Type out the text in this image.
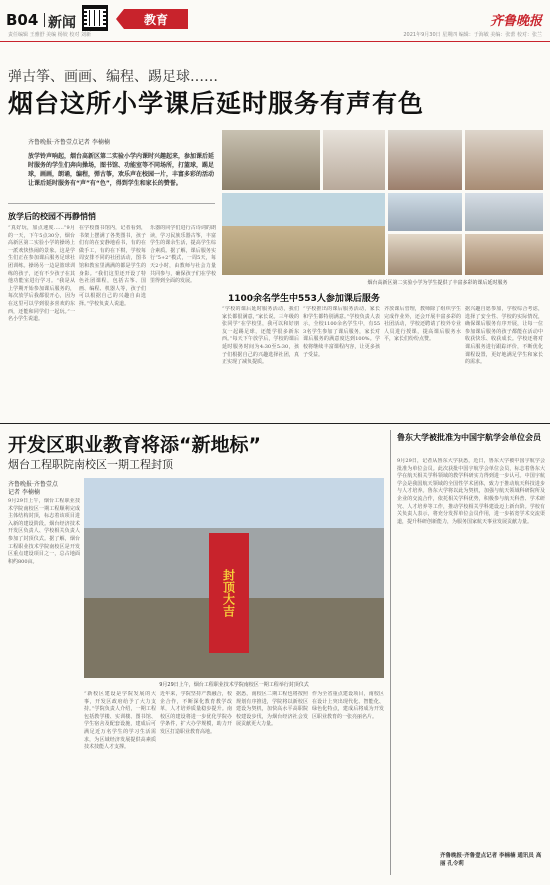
B04 新闻
责任编辑 王雅舒 美编 杨姣 校对 刘新
教育	齐鲁晚报
2021年9月30日 星期四 编辑：于海敏 美编：张蕾 校对：张兰
弹古筝、画画、编程、踢足球……
烟台这所小学课后延时服务有声有色
齐鲁晚报·齐鲁壹点记者 李楠楠
放学铃声响起，烟台高新区第二实验小学内课时兴趣起来，参加课后延时服务的学生们奔向操场，图书馆、功能室等不同场所，打篮球，踢足球，画画，朗诵，编程，弹古筝，欢乐声在校园一片，丰富多彩的活动让课后延时服务有“声”有“色”，得到学生和家长的赞誉。
放学后的校园不再静悄悄
“真好玩，加点速度……”9月的一天，下午5点30分，烟台高新区第二实验小学的操场上一派欢快热闹的景象。这是学生们正在参加课后服务足球社团训练。操场另一边是篮球训练的孩子，还有不少孩子在其他功能室进行学习。“我是从上学期开始参加课后服务的，每次放学后我都很开心，因为在这里可以学到很多喜欢的东西，还能和同学们一起玩。”一名小学生说道。
在学校图书馆内，记者看到，书架上摆满了各类图书，孩子们有的在安静地看书，有的在做手工，有的在下棋，学校每周安排不同的社团活动，图书馆和教室里满满的都是学生的身影。“我们这里还开设了特色社团课程，包括古筝、国画、编程、机器人等，孩子们可以根据自己的兴趣自由选择。”学校负责人说道。
乐器的同学们进行古诗词的朗读，学习民族乐器古筝，丰富学生的课余生活，提高学生综合素质。据了解，课后服务实行“5+2”模式，一周5天，每天2小时，由教师与社会力量共同参与，确保孩子们在学校里得到全面的发展。	烟台高新区第二实验小学为学生提供了丰富多彩的课后延时服务
1100余名学生中553人参加课后服务
“学校的课后延时服务活动，我们家长都很满意，”家长说。三年级的张同学“在学校里，我可以和好朋友一起踢足球，还能学很多新东西。”每天下午放学后，学校的课后延时服务时间为4:30至5:30，孩子们根据自己的兴趣选择社团，真正实现了减负提质。
“学校推出的课后服务活动，家长和学生都特别满意。”学校负责人表示，全校1100余名学生中，有553名学生参加了课后服务，家长对课后服务的满意度达到100%。学校将继续丰富课程内容，让更多孩子受益。
齐放课后管理，教师除了组织学生完成作业外，还会开展丰富多彩的社团活动，学校还聘请了校外专业人员进行授课，提高课后服务水平，家长们纷纷点赞。
据兴趣自愿参加，学校综合考虑，选择了安全性、学校的实际情况，确保课后服务有序开展，让每一位参加课后服务的孩子都能在活动中收获快乐、收获成长。学校还将对课后服务进行跟踪评价，不断优化课程设置，更好地满足学生和家长的需求。
开发区职业教育将添“新地标”
烟台工程职院南校区一期工程封顶
齐鲁晚报·齐鲁壹点
记者 李楠楠
封顶大吉
9月29日上午，烟台工程职业技术学院南校区一期工程举行封顶仪式
9月29日上午，烟台工程职业技术学院南校区一期工程顺利完成主体结构封顶，标志着该项目进入新的建设阶段。烟台经济技术开发区负责人、学校相关负责人参加了封顶仪式。据了解，烟台工程职业技术学院南校区是开发区重点建设项目之一，总占地面积约800亩。
“新校区建设是学院发展的大事，开发区政府给予了大力支持。”学院负责人介绍，一期工程包括教学楼、实训楼、图书馆、学生宿舍及配套设施，建成后可满足近万名学生的学习生活需求，为区域经济发展提供高素质技术技能人才支撑。
近年来，学院坚持产教融合，校企合作，不断深化教育教学改革，人才培养质量稳步提升。南校区的建设将进一步优化学院办学条件，扩大办学规模，助力开发区打造职业教育高地。
据悉，南校区二期工程也将按照规划有序推进，学院将以新校区建设为契机，加快高水平高职院校建设步伐，为烟台经济社会发展贡献更大力量。
作为全省重点建设项目，南校区在设计上突出现代化、智能化、绿色化特点，建成后将成为开发区职业教育的一张亮丽名片。
鲁东大学被批准为中国宇航学会单位会员
9月29日，记者从鲁东大学获悉，近日，鲁东大学被中国宇航学会批准为单位会员。此次获批中国宇航学会单位会员，标志着鲁东大学在航天相关学科领域的教学科研实力得到进一步认可。中国宇航学会是我国航天领域的全国性学术团体，致力于推动航天科技进步与人才培养。鲁东大学将以此为契机，加强与航天领域科研院所及企业的交流合作，依托相关学科优势，积极参与航天科普、学术研究、人才培养等工作，推动学校相关学科建设迈上新台阶。学校有关负责人表示，将充分发挥单位会员作用，进一步拓宽学术交流渠道，提升科研创新能力，为服务国家航天事业发展贡献力量。
齐鲁晚报·齐鲁壹点记者 李楠楠 通讯员 高丽 孔令莉
